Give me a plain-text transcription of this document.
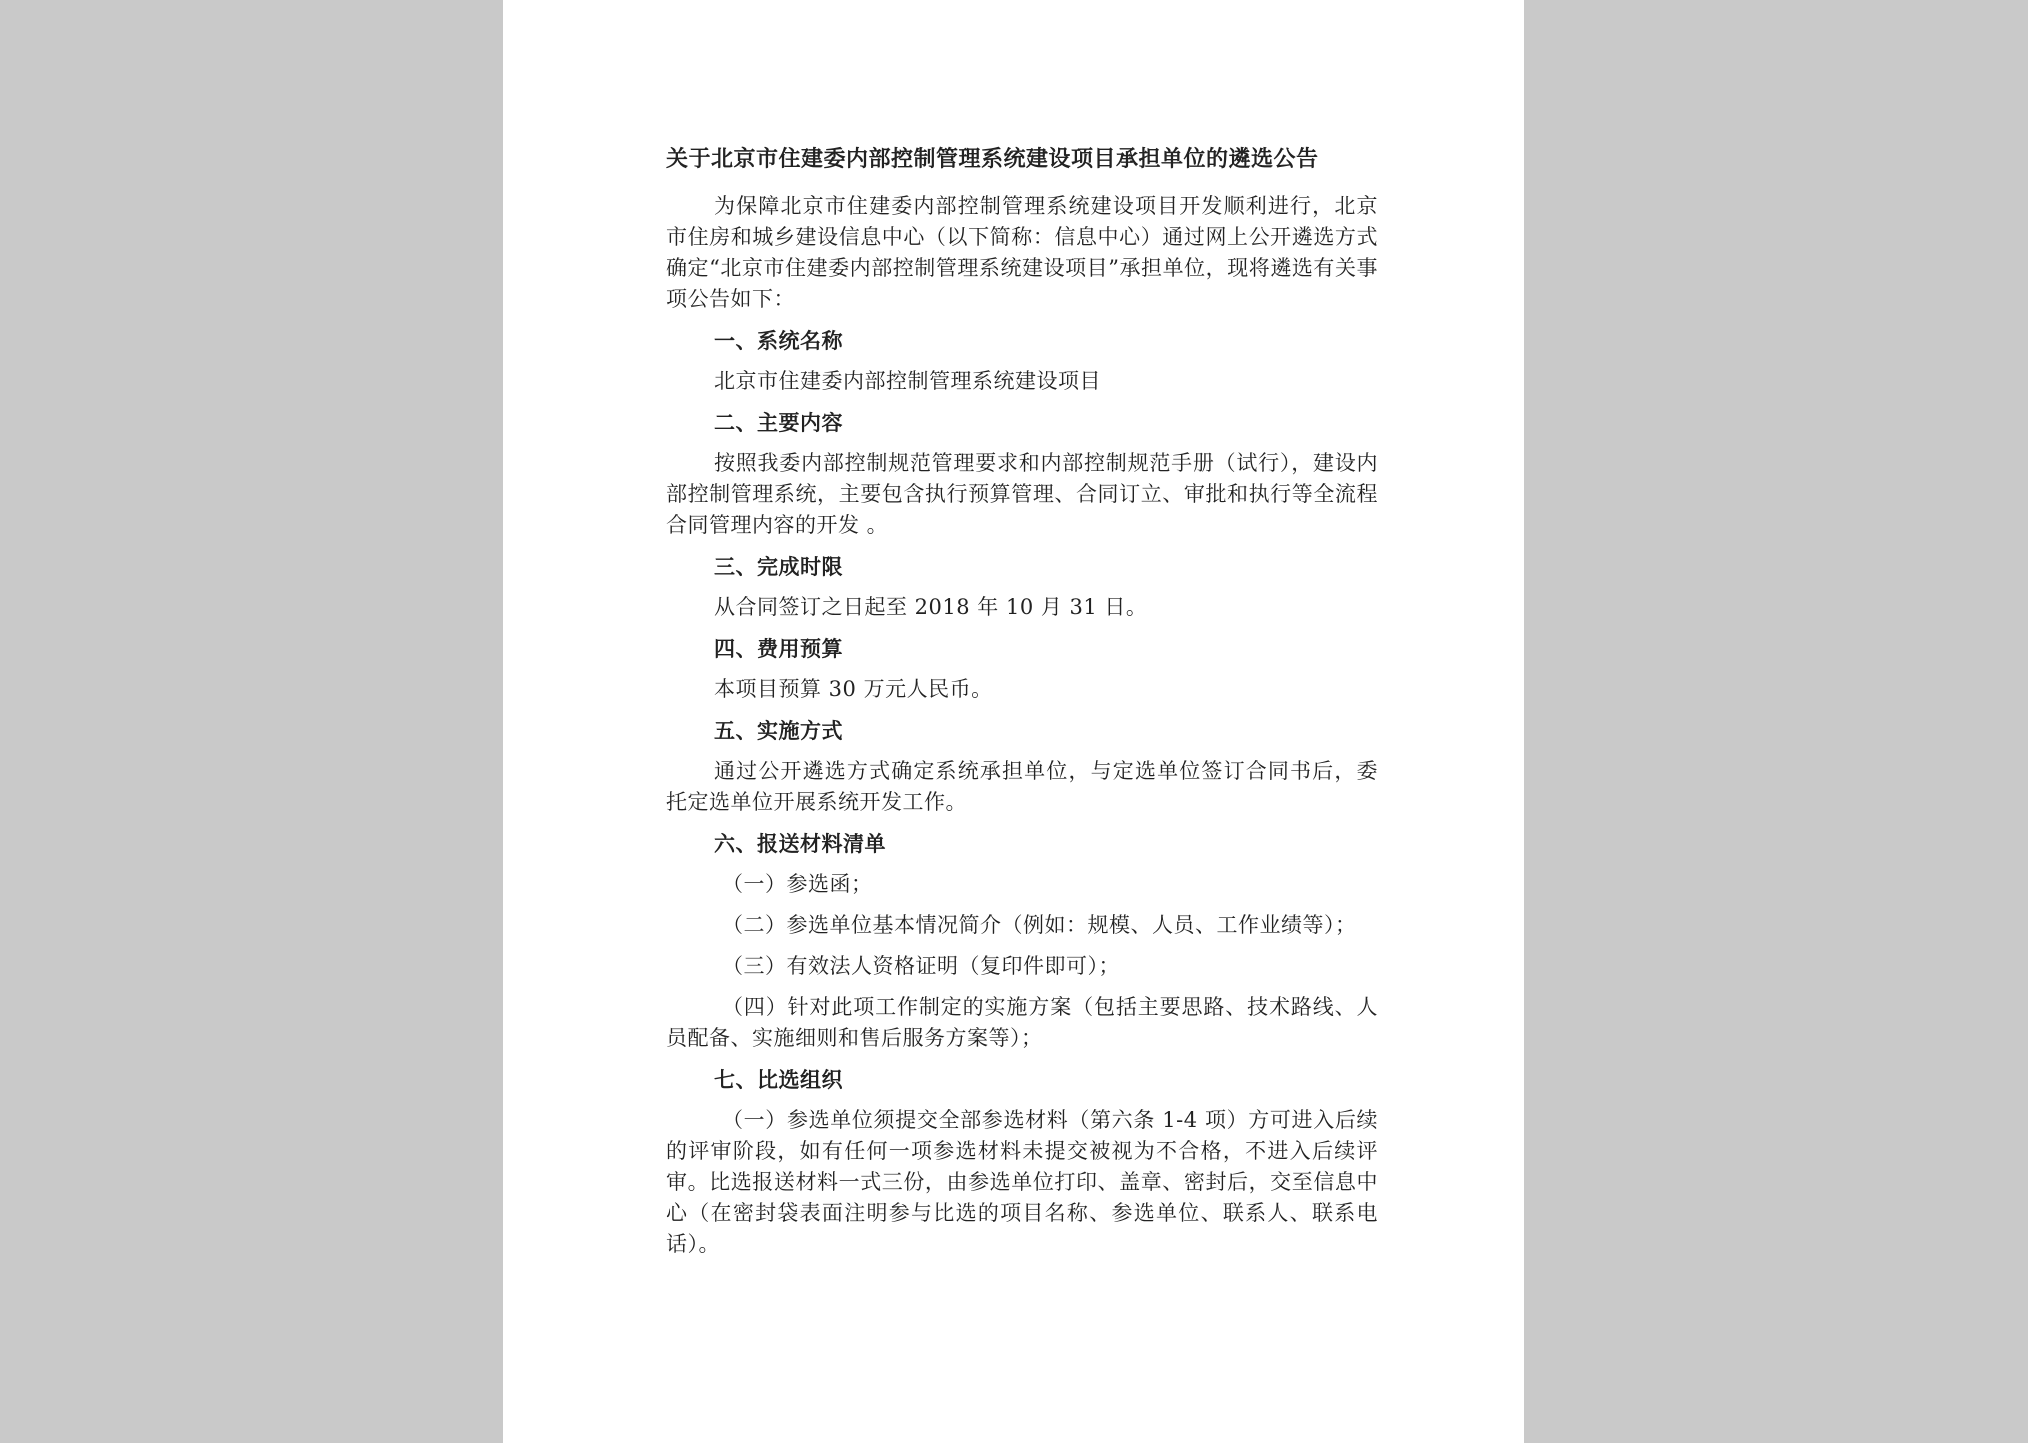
关于北京市住建委内部控制管理系统建设项目承担单位的遴选公告
为保障北京市住建委内部控制管理系统建设项目开发顺利进行，北京市住房和城乡建设信息中心（以下简称：信息中心）通过网上公开遴选方式确定“北京市住建委内部控制管理系统建设项目”承担单位，现将遴选有关事项公告如下：
一、系统名称
北京市住建委内部控制管理系统建设项目
二、主要内容
按照我委内部控制规范管理要求和内部控制规范手册（试行），建设内部控制管理系统，主要包含执行预算管理、合同订立、审批和执行等全流程合同管理内容的开发 。
三、完成时限
从合同签订之日起至 2018 年 10 月 31 日。
四、费用预算
本项目预算 30 万元人民币。
五、实施方式
通过公开遴选方式确定系统承担单位，与定选单位签订合同书后，委托定选单位开展系统开发工作。
六、报送材料清单
（一）参选函；
（二）参选单位基本情况简介（例如：规模、人员、工作业绩等）；
（三）有效法人资格证明（复印件即可）；
（四）针对此项工作制定的实施方案（包括主要思路、技术路线、人员配备、实施细则和售后服务方案等）；
七、比选组织
（一）参选单位须提交全部参选材料（第六条 1-4 项）方可进入后续的评审阶段，如有任何一项参选材料未提交被视为不合格，不进入后续评审。比选报送材料一式三份，由参选单位打印、盖章、密封后，交至信息中心（在密封袋表面注明参与比选的项目名称、参选单位、联系人、联系电话）。
